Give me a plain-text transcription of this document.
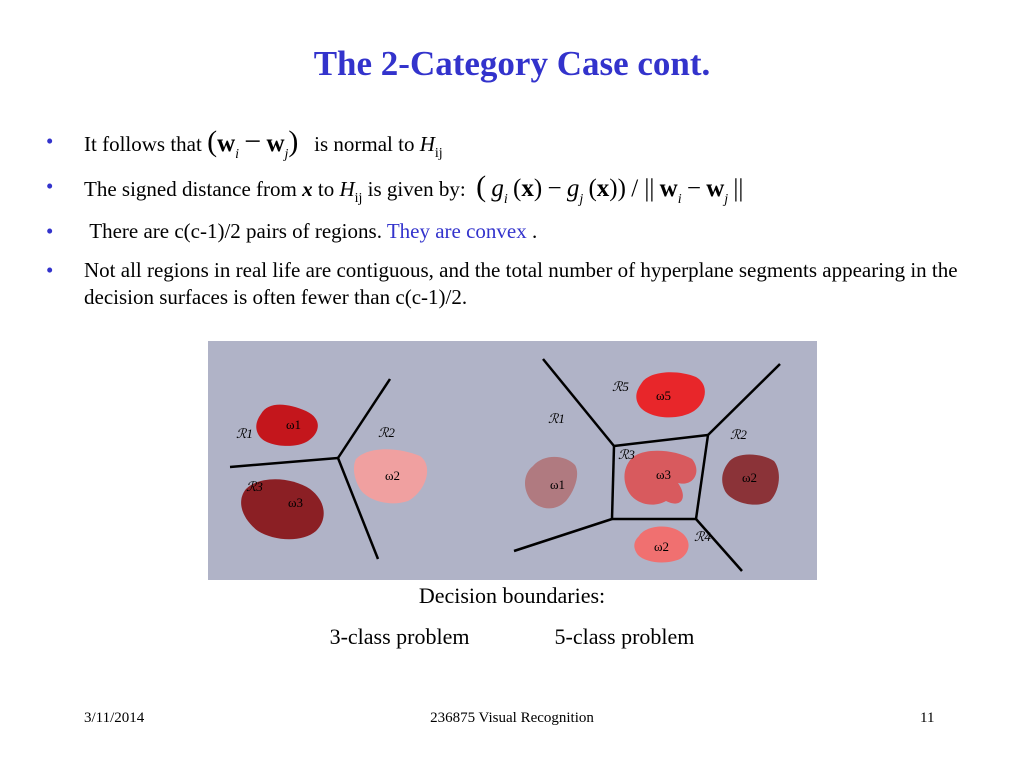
The 2-Category Case cont.
• It follows that $(w_i - w_j)$ is normal to $H_{ij}$
• The signed distance from x to $H_{ij}$ is given by: ( $g_i$ $(x) - g_j$ (x)) / || $w_i - w_j$ ||
• There are c(c-1)/2 pairs of regions. They are convex .
• Not all regions in real life are contiguous, and the total number of hyperplane segments appearing in the decision surfaces is often fewer than c(c-1)/2.
ℛ1	ℛ2
ℛ3
ω1
ω2
ω3
ℛ1
ℛ2
ℛ3
ℛ4
ℛ5
ω1	ω2
ω3
ω2
ω5
Decision boundaries:
3-class problem	5-class problem
3/11/2014	236875 Visual Recognition	11
